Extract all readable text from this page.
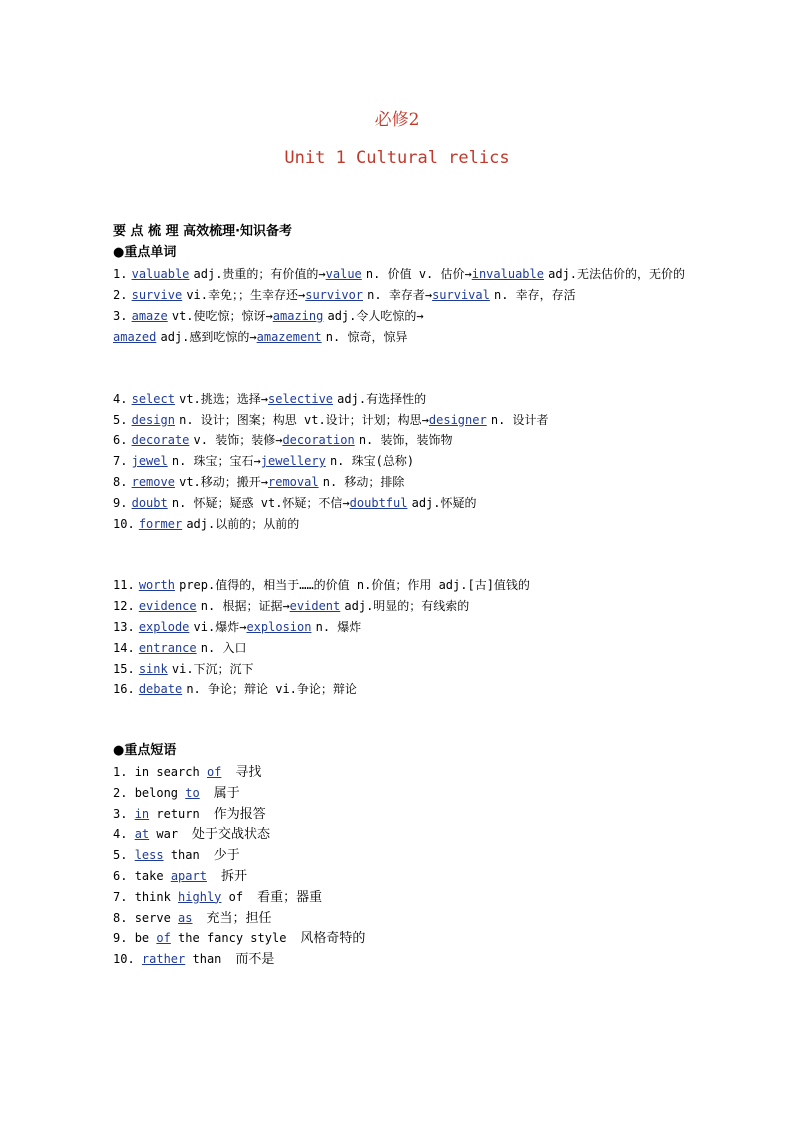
必修2
Unit 1 Cultural relics
要 点 梳 理 高效梳理·知识备考
●重点单词
1. valuable adj.贵重的；有价值的→value n. 价值 v. 估价→invaluable adj.无法估价的，无价的
2. survive vi.幸免；；生幸存还→survivor n. 幸存者→survival n. 幸存，存活
3. amaze vt.使吃惊；惊讶→amazing adj.令人吃惊的→
amazed adj.感到吃惊的→amazement n. 惊奇，惊异
4. select vt.挑选；选择→selective adj.有选择性的
5. design n. 设计；图案；构思 vt.设计；计划；构思→designer n. 设计者
6. decorate v. 装饰；装修→decoration n. 装饰，装饰物
7. jewel n. 珠宝；宝石→jewellery n. 珠宝(总称)
8. remove vt.移动；搬开→removal n. 移动；排除
9. doubt n. 怀疑；疑惑 vt.怀疑；不信→doubtful adj.怀疑的
10. former adj.以前的；从前的
11. worth prep.值得的，相当于……的价值 n.价值；作用 adj.[古]值钱的
12. evidence n. 根据；证据→evident adj.明显的；有线索的
13. explode vi.爆炸→explosion n. 爆炸
14. entrance n. 入口
15. sink vi.下沉；沉下
16. debate n. 争论；辩论 vi.争论；辩论
●重点短语
1. in search of 寻找
2. belong to 属于
3. in return 作为报答
4. at war 处于交战状态
5. less than 少于
6. take apart 拆开
7. think highly of 看重；器重
8. serve as 充当；担任
9. be of the fancy style 风格奇特的
10. rather than 而不是
